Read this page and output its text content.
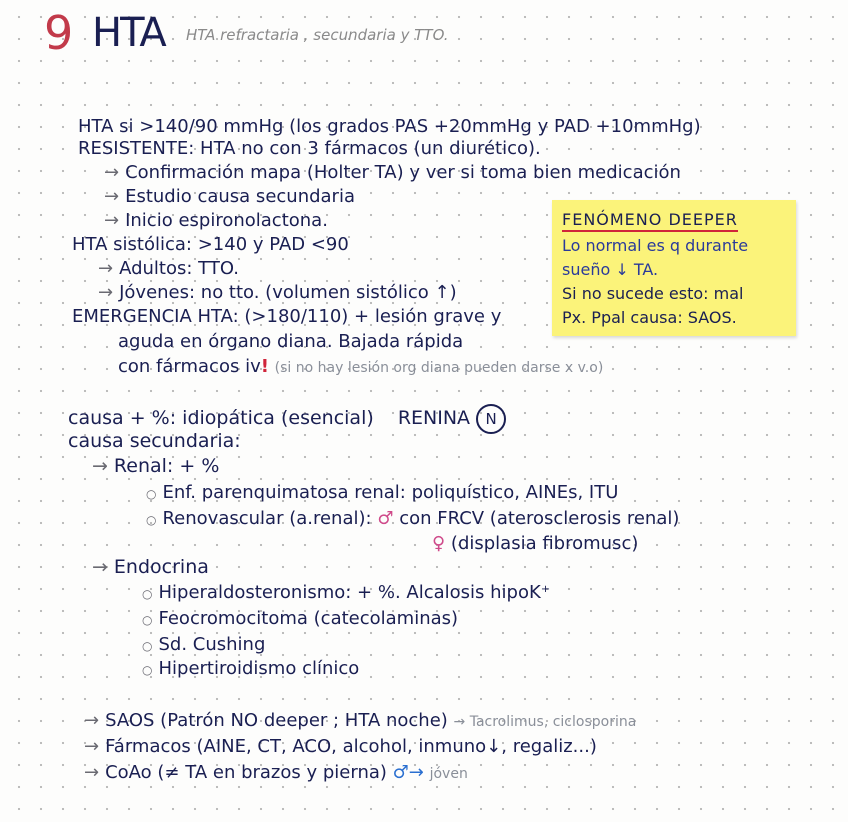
9 HTA HTA refractaria , secundaria y TTO.
HTA si >140/90 mmHg (los grados PAS +20mmHg y PAD +10mmHg)
RESISTENTE: HTA no con 3 fármacos (un diurético).
→ Confirmación mapa (Holter TA) y ver si toma bien medicación
→ Estudio causa secundaria
→ Inicio espironolactona.
HTA sistólica: >140 y PAD <90
→ Adultos: TTO.
→ Jóvenes: no tto. (volumen sistólico ↑)
EMERGENCIA HTA: (>180/110) + lesión grave y
aguda en órgano diana. Bajada rápida
con fármacos iv! (si no hay lesión org diana pueden darse x v.o)
FENÓMENO DEEPER
Lo normal es q durante
sueño ↓ TA.
Si no sucede esto: mal
Px. Ppal causa: SAOS.
causa + %: idiopática (esencial) RENINA N
causa secundaria:
→ Renal: + %
○ Enf. parenquimatosa renal: poliquístico, AINEs, ITU
○ Renovascular (a.renal): ♂ con FRCV (aterosclerosis renal)
♀ (displasia fibromusc)
→ Endocrina
○ Hiperaldosteronismo: + %. Alcalosis hipoK⁺
○ Feocromocitoma (catecolaminas)
○ Sd. Cushing
○ Hipertiroidismo clínico
→ SAOS (Patrón NO deeper ; HTA noche) → Tacrolimus, ciclosporina
→ Fármacos (AINE, CT, ACO, alcohol, inmuno↓, regaliz...)
→ CoAo (≠ TA en brazos y pierna) ♂→ jóven
